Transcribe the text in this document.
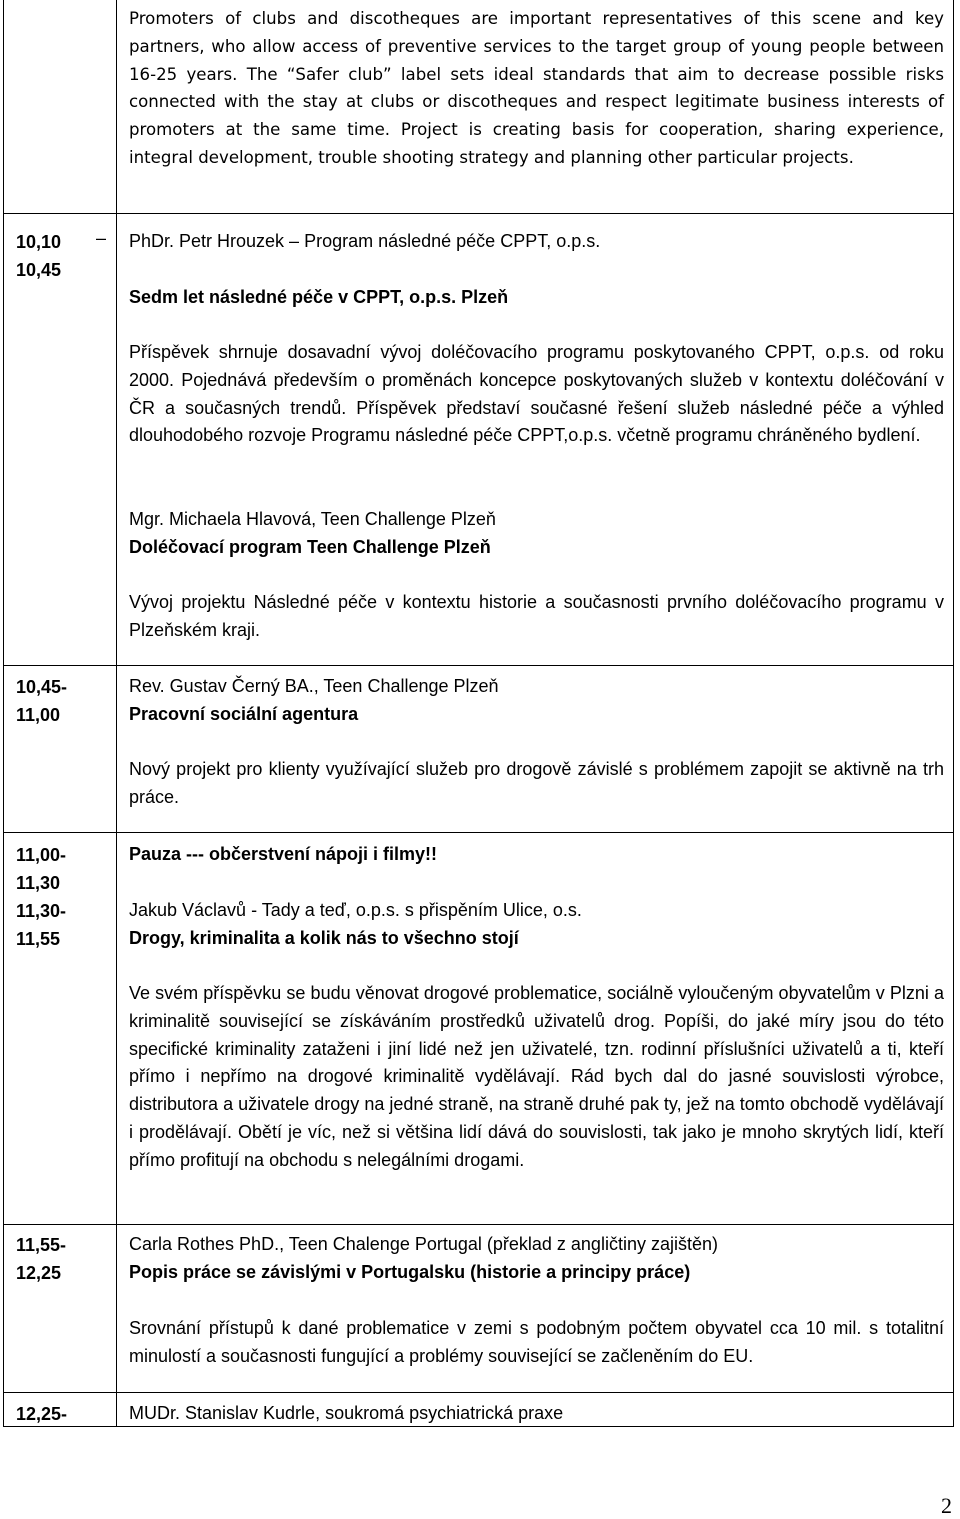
Promoters of clubs and discotheques are important representatives of this scene and key partners, who allow access of preventive services to the target group of young people between 16-25 years. The “Safer club” label sets ideal standards that aim to decrease possible risks connected with the stay at clubs or discotheques and respect legitimate business interests of promoters at the same time. Project is creating basis for cooperation, sharing experience, integral development, trouble shooting strategy and planning other particular projects.

10,10 –

10,45

PhDr. Petr Hrouzek – Program následné péče CPPT, o.p.s.

Sedm let následné péče v CPPT, o.p.s. Plzeň

Příspěvek shrnuje dosavadní vývoj doléčovacího programu poskytovaného CPPT, o.p.s. od roku 2000. Pojednává především o proměnách koncepce poskytovaných služeb v kontextu doléčování v ČR a současných trendů. Příspěvek představí současné řešení služeb následné péče a výhled dlouhodobého rozvoje Programu následné péče CPPT,o.p.s. včetně programu chráněného bydlení.

Mgr. Michaela Hlavová, Teen Challenge Plzeň

Doléčovací program Teen Challenge Plzeň

Vývoj projektu Následné péče v kontextu historie a současnosti prvního doléčovacího programu v Plzeňském kraji.

10,45-

11,00

Rev. Gustav Černý BA., Teen Challenge Plzeň

Pracovní sociální agentura

Nový projekt pro klienty využívající služeb pro drogově závislé s problémem zapojit se aktivně na trh práce.

11,00-

11,30

11,30-

11,55

Pauza --- občerstvení nápoji i filmy!!

Jakub Václavů - Tady a teď, o.p.s. s přispěním Ulice, o.s.

Drogy, kriminalita a kolik nás to všechno stojí

Ve svém příspěvku se budu věnovat drogové problematice, sociálně vyloučeným obyvatelům v Plzni a kriminalitě související se získáváním prostředků uživatelů drog. Popíši, do jaké míry jsou do této specifické kriminality zataženi i jiní lidé než jen uživatelé, tzn. rodinní příslušníci uživatelů a ti, kteří přímo i nepřímo na drogové kriminalitě vydělávají. Rád bych dal do jasné souvislosti výrobce, distributora a uživatele drogy na jedné straně, na straně druhé pak ty, jež na tomto obchodě vydělávají i prodělávají. Obětí je víc, než si většina lidí dává do souvislosti, tak jako je mnoho skrytých lidí, kteří přímo profitují na obchodu s nelegálními drogami.

11,55-

12,25

Carla Rothes PhD., Teen Chalenge Portugal (překlad z angličtiny zajištěn)

Popis práce se závislými v Portugalsku (historie a principy práce)

Srovnání přístupů k dané problematice v zemi s podobným počtem obyvatel cca 10 mil. s totalitní minulostí a současnosti fungující a problémy související se začleněním do EU.

12,25-	MUDr. Stanislav Kudrle, soukromá psychiatrická praxe

2
